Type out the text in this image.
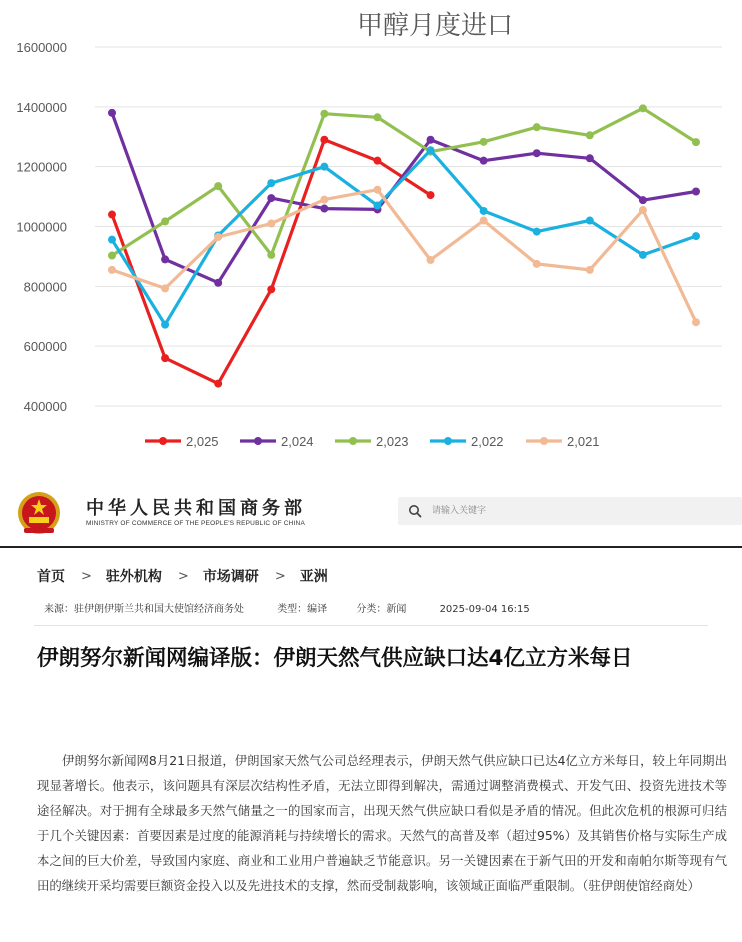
甲醇月度进口
400000
600000
800000
1000000
1200000
1400000
1600000
2,025	2,024	2,023	2,022	2,021
中华人民共和国商务部
MINISTRY OF COMMERCE OF THE PEOPLE'S REPUBLIC OF CHINA
请输入关键字
首页 > 驻外机构 > 市场调研 > 亚洲
来源：驻伊朗伊斯兰共和国大使馆经济商务处	类型：编译	分类：新闻	2025-09-04 16:15
伊朗努尔新闻网编译版：伊朗天然气供应缺口达4亿立方米每日

伊朗努尔新闻网8月21日报道，伊朗国家天然气公司总经理表示，伊朗天然气供应缺口已达4亿立方米每日，较上年同期出现显著增长。他表示，该问题具有深层次结构性矛盾，无法立即得到解决，需通过调整消费模式、开发气田、投资先进技术等途径解决。对于拥有全球最多天然气储量之一的国家而言，出现天然气供应缺口看似是矛盾的情况。但此次危机的根源可归结于几个关键因素：首要因素是过度的能源消耗与持续增长的需求。天然气的高普及率（超过95%）及其销售价格与实际生产成本之间的巨大价差，导致国内家庭、商业和工业用户普遍缺乏节能意识。另一关键因素在于新气田的开发和南帕尔斯等现有气田的继续开采均需要巨额资金投入以及先进技术的支撑，然而受制裁影响，该领域正面临严重限制。（驻伊朗使馆经商处）
